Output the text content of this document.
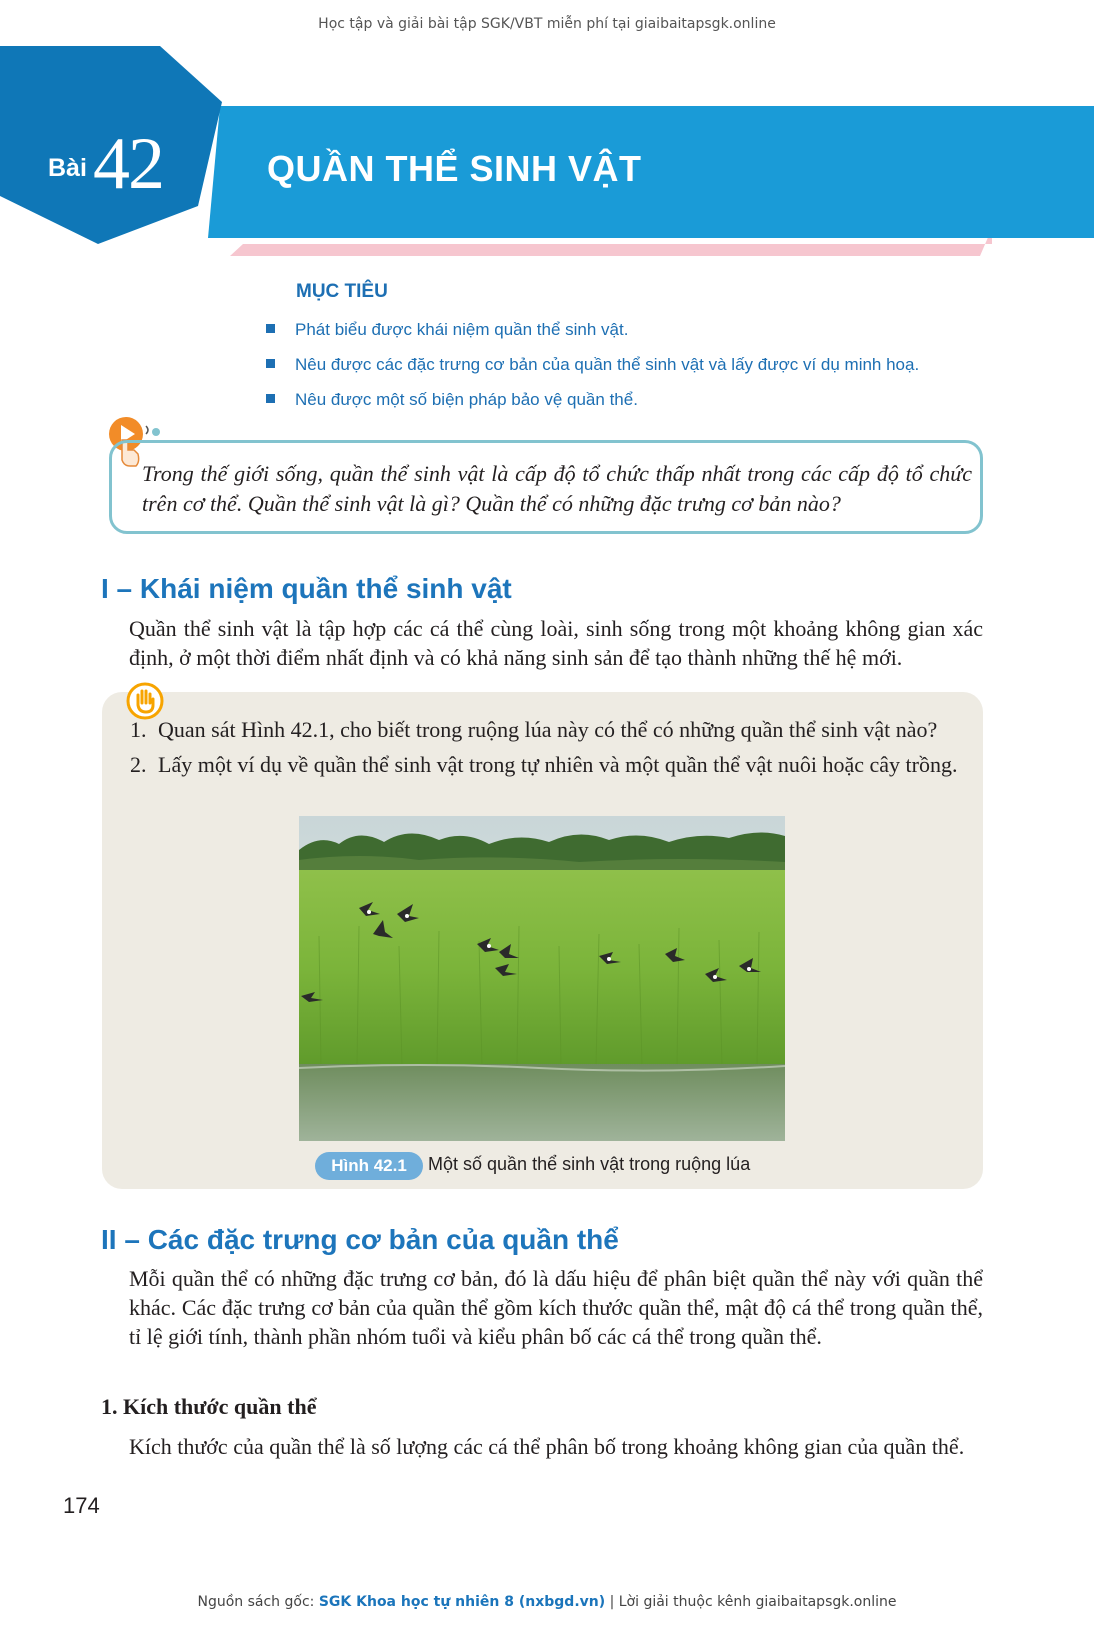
Học tập và giải bài tập SGK/VBT miễn phí tại giaibaitapsgk.online
Bài 42	QUẦN THỂ SINH VẬT
MỤC TIÊU
Phát biểu được khái niệm quần thể sinh vật.
Nêu được các đặc trưng cơ bản của quần thể sinh vật và lấy được ví dụ minh hoạ.
Nêu được một số biện pháp bảo vệ quần thể.
Trong thế giới sống, quần thể sinh vật là cấp độ tổ chức thấp nhất trong các cấp độ tổ chức trên cơ thể. Quần thể sinh vật là gì? Quần thể có những đặc trưng cơ bản nào?
I – Khái niệm quần thể sinh vật
Quần thể sinh vật là tập hợp các cá thể cùng loài, sinh sống trong một khoảng không gian xác định, ở một thời điểm nhất định và có khả năng sinh sản để tạo thành những thế hệ mới.
1. Quan sát Hình 42.1, cho biết trong ruộng lúa này có thể có những quần thể sinh vật nào?
2. Lấy một ví dụ về quần thể sinh vật trong tự nhiên và một quần thể vật nuôi hoặc cây trồng.
Hình 42.1	Một số quần thể sinh vật trong ruộng lúa
II – Các đặc trưng cơ bản của quần thể
Mỗi quần thể có những đặc trưng cơ bản, đó là dấu hiệu để phân biệt quần thể này với quần thể khác. Các đặc trưng cơ bản của quần thể gồm kích thước quần thể, mật độ cá thể trong quần thể, tỉ lệ giới tính, thành phần nhóm tuổi và kiểu phân bố các cá thể trong quần thể.
1. Kích thước quần thể
Kích thước của quần thể là số lượng các cá thể phân bố trong khoảng không gian của quần thể.
174
Nguồn sách gốc: SGK Khoa học tự nhiên 8 (nxbgd.vn) | Lời giải thuộc kênh giaibaitapsgk.online
